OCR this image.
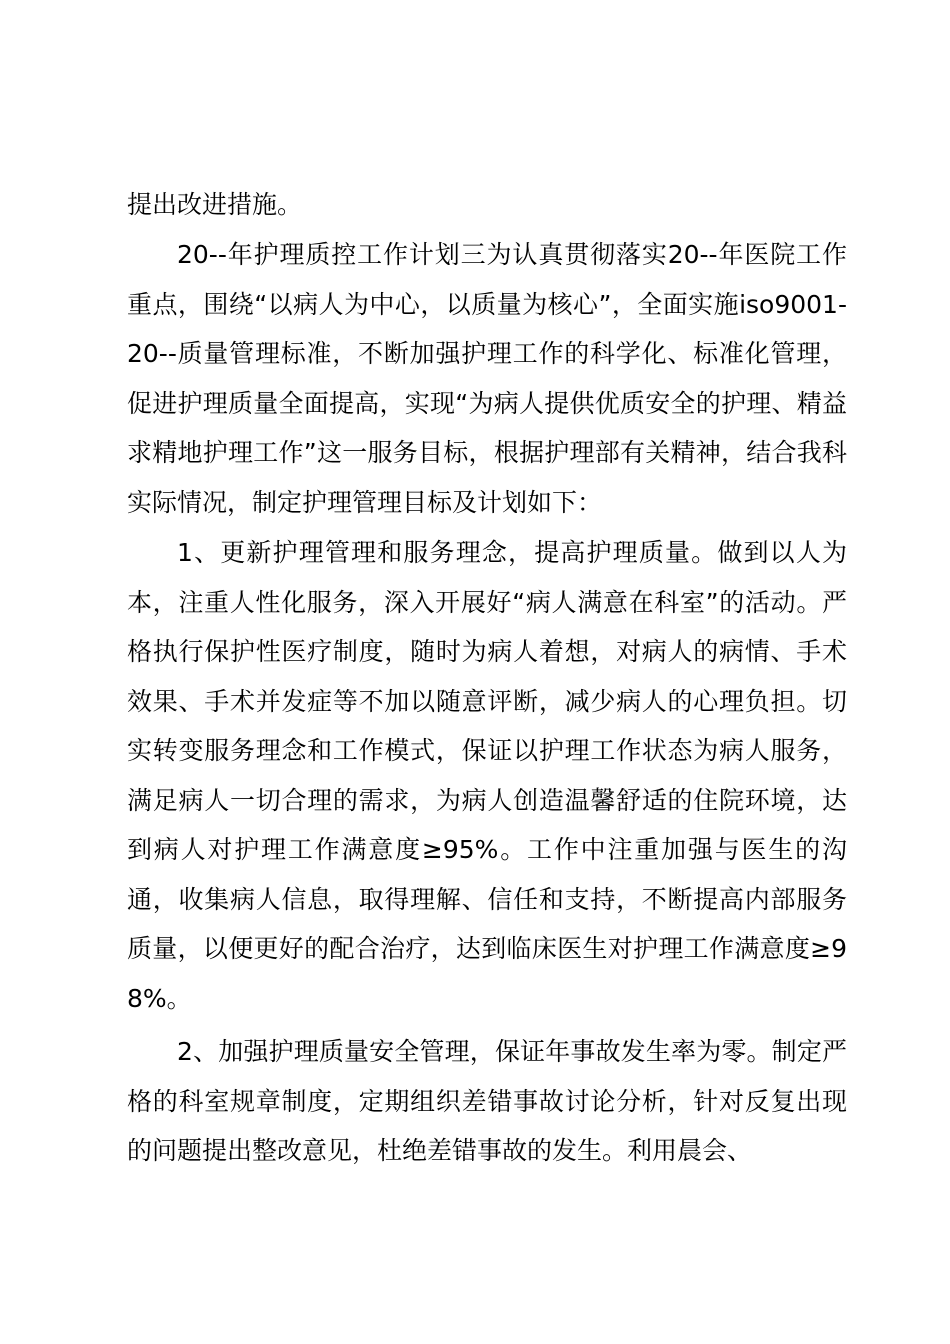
提出改进措施。

20--年护理质控工作计划三为认真贯彻落实20--年医院工作重点，围绕“以病人为中心，以质量为核心”，全面实施iso9001-20--质量管理标准，不断加强护理工作的科学化、标准化管理，促进护理质量全面提高，实现“为病人提供优质安全的护理、精益求精地护理工作”这一服务目标，根据护理部有关精神，结合我科实际情况，制定护理管理目标及计划如下：

1、更新护理管理和服务理念，提高护理质量。做到以人为本，注重人性化服务，深入开展好“病人满意在科室”的活动。严格执行保护性医疗制度，随时为病人着想，对病人的病情、手术效果、手术并发症等不加以随意评断，减少病人的心理负担。切实转变服务理念和工作模式，保证以护理工作状态为病人服务，满足病人一切合理的需求，为病人创造温馨舒适的住院环境，达到病人对护理工作满意度≥95%。工作中注重加强与医生的沟通，收集病人信息，取得理解、信任和支持，不断提高内部服务质量，以便更好的配合治疗，达到临床医生对护理工作满意度≥98%。

2、加强护理质量安全管理，保证年事故发生率为零。制定严格的科室规章制度，定期组织差错事故讨论分析，针对反复出现的问题提出整改意见，杜绝差错事故的发生。利用晨会、
